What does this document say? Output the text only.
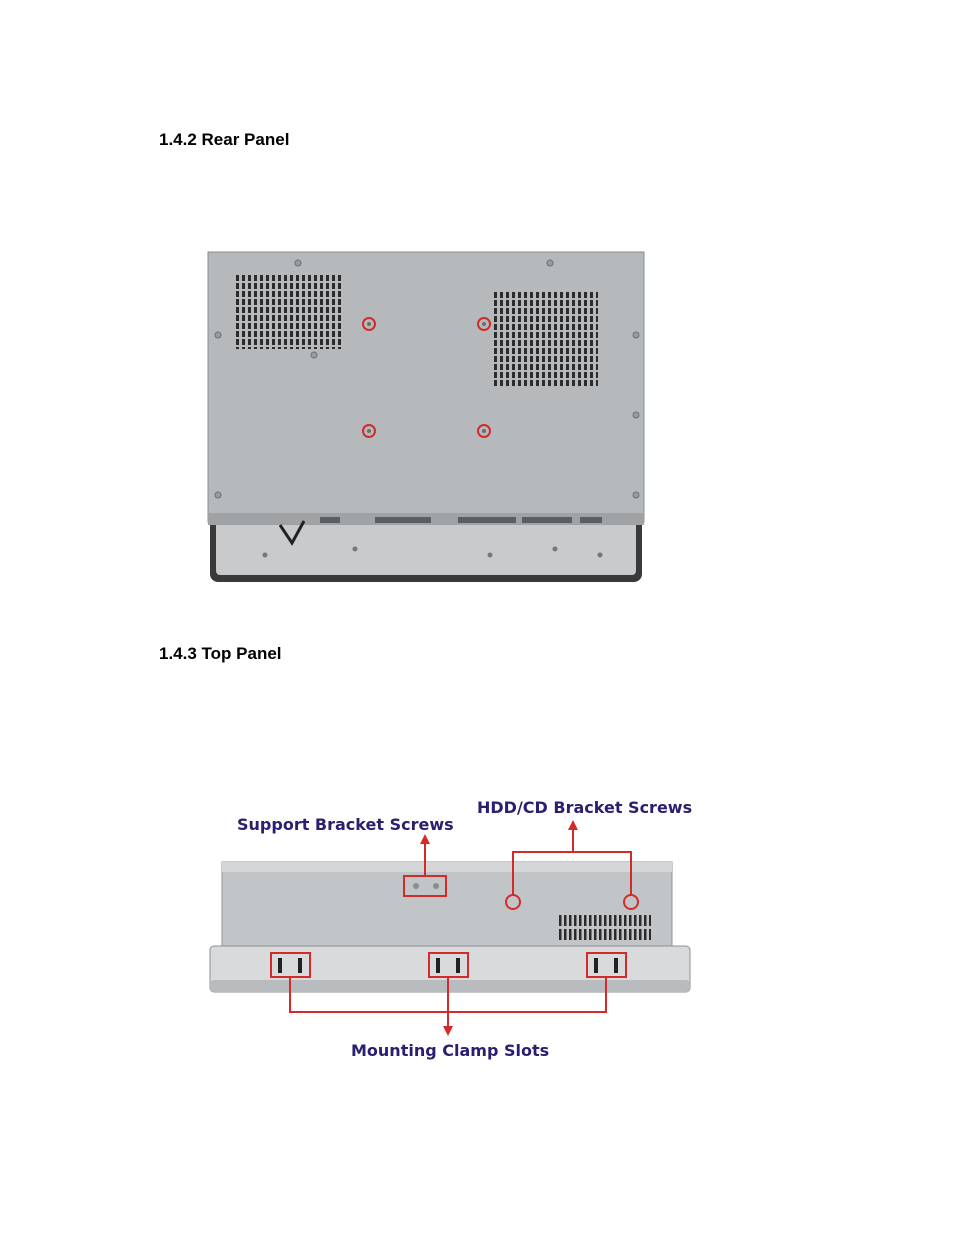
1.4.2 Rear Panel
1.4.3 Top Panel
Support Bracket Screws
HDD/CD Bracket Screws
Mounting Clamp Slots
